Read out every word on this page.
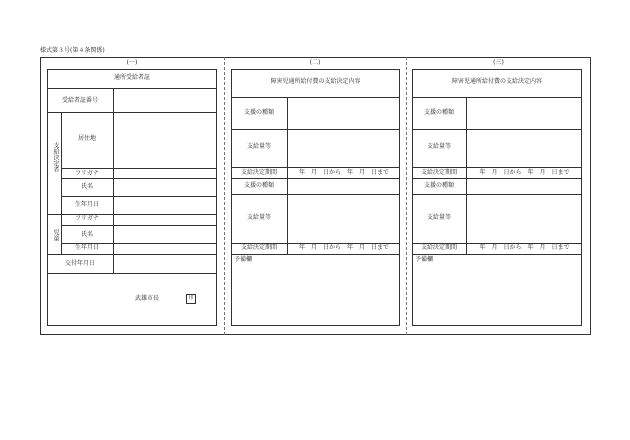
様式第３号(第４条関係)
(一)
通所受給者証
受給者証番号
支給決定者
居住地
フリガナ
氏名
生年月日
児童
フリガナ
氏名
生年月日
交付年月日
武雄市長	印
(二)
障害児通所給付費の支給決定内容
支援の種類
支給量等
支給決定期間	年　月　日から　年　月　日まで
支援の種類
支給量等
支給決定期間	年　月　日から　年　月　日まで
予備欄
(三)
障害児通所給付費の支給決定内容
支援の種類
支給量等
支給決定期間	年　月　日から　年　月　日まで
支援の種類
支給量等
支給決定期間	年　月　日から　年　月　日まで
予備欄
